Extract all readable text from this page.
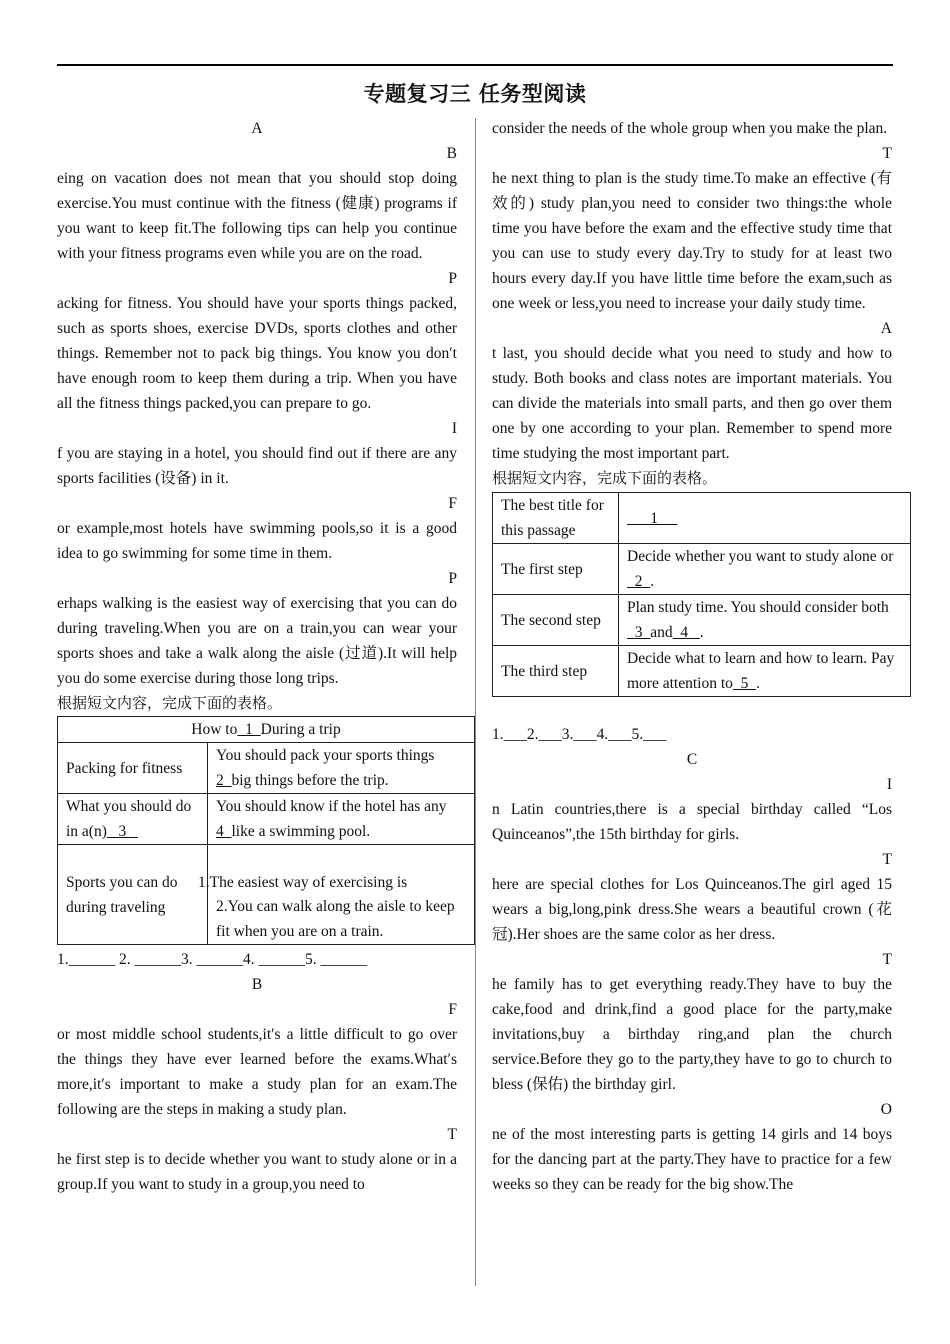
专题复习三 任务型阅读
A
B

eing on vacation does not mean that you should stop doing exercise.You must continue with the fitness (健康) programs if you want to keep fit.The following tips can help you continue with your fitness programs even while you are on the road.

P

acking for fitness. You should have your sports things packed, such as sports shoes, exercise DVDs, sports clothes and other things. Remember not to pack big things. You know you don′t have enough room to keep them during a trip. When you have all the fitness things packed,you can prepare to go.

I

f you are staying in a hotel, you should find out if there are any sports facilities (设备) in it.

F

or example,most hotels have swimming pools,so it is a good idea to go swimming for some time in them.

P

erhaps walking is the easiest way of exercising that you can do during traveling.When you are on a train,you can wear your sports shoes and take a walk along the aisle (过道).It will help you do some exercise during those long trips.

根据短文内容，完成下面的表格。
How to  1  During a trip	
Packing for fitness	You should pack your sports things 2  big things before the trip.
What you should do in a(n)   3	You should know if the hotel has any 4  like a swimming pool.
Sports you can do during traveling	1.The easiest way of exercising is
2.You can walk along the aisle to keep fit when you are on a train.
1.______ 2. ______3. ______4. ______5. ______
B
F

or most middle school students,it′s a little difficult to go over the things they have ever learned before the exams.What′s more,it′s important to make a study plan for an exam.The following are the steps in making a study plan.

T

he first step is to decide whether you want to study alone or in a group.If you want to study in a group,you need to

consider the needs of the whole group when you make the plan.

T

he next thing to plan is the study time.To make an effective (有效的) study plan,you need to consider two things:the whole time you have before the exam and the effective study time that you can use to study every day.Try to study for at least two hours every day.If you have little time before the exam,such as one week or less,you need to increase your daily study time.

A

t last, you should decide what you need to study and how to study. Both books and class notes are important materials. You can divide the materials into small parts, and then go over them one by one according to your plan. Remember to spend more time studying the most important part.

根据短文内容，完成下面的表格。
The best title for this passage	1
The first step	Decide whether you want to study alone or  2  .
The second step	Plan study time. You should consider both   3  and  4   .
The third step	Decide what to learn and how to learn. Pay more attention to  5  .
1.___2.___3.___4.___5.___
C
I

n Latin countries,there is a special birthday called “Los Quinceanos”,the 15th birthday for girls.

T

here are special clothes for Los Quinceanos.The girl aged 15 wears a big,long,pink dress.She wears a beautiful crown (花冠).Her shoes are the same color as her dress.

T

he family has to get everything ready.They have to buy the cake,food and drink,find a good place for the party,make invitations,buy a birthday ring,and plan the church service.Before they go to the party,they have to go to church to bless (保佑) the birthday girl.

O

ne of the most interesting parts is getting 14 girls and 14 boys for the dancing part at the party.They have to practice for a few weeks so they can be ready for the big show.The
